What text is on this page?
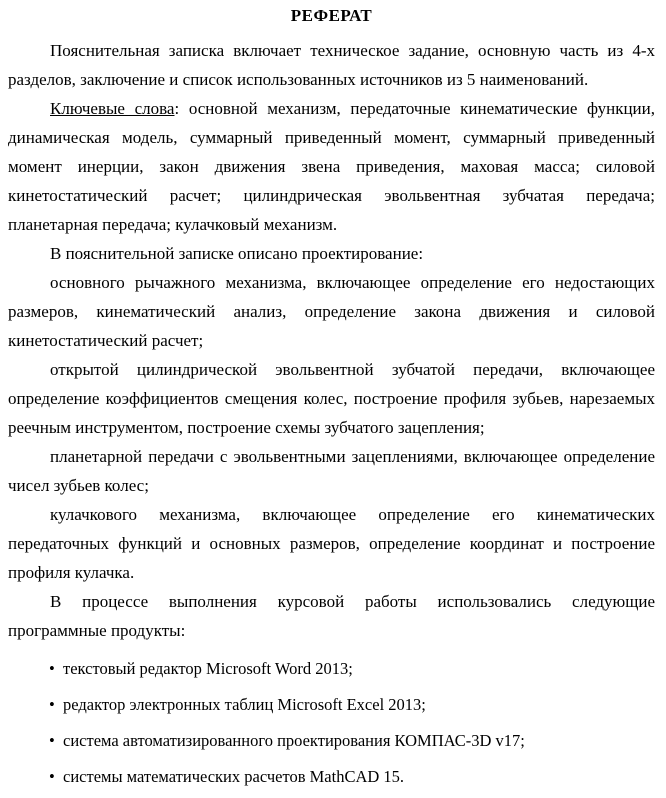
РЕФЕРАТ

Пояснительная записка включает техническое задание, основную часть из 4-х разделов, заключение и список использованных источников из 5 наименований.

Ключевые слова: основной механизм, передаточные кинематические функции, динамическая модель, суммарный приведенный момент, суммарный приведенный момент инерции, закон движения звена приведения, маховая масса; силовой кинетостатический расчет; цилиндрическая эвольвентная зубчатая передача; планетарная передача; кулачковый механизм.

В пояснительной записке описано проектирование:

основного рычажного механизма, включающее определение его недостающих размеров, кинематический анализ, определение закона движения и силовой кинетостатический расчет;

открытой цилиндрической эвольвентной зубчатой передачи, включающее определение коэффициентов смещения колес, построение профиля зубьев, нарезаемых реечным инструментом, построение схемы зубчатого зацепления;

планетарной передачи с эвольвентными зацеплениями, включающее определение чисел зубьев колес;

кулачкового механизма, включающее определение его кинематических передаточных функций и основных размеров, определение координат и построение профиля кулачка.

В процессе выполнения курсовой работы использовались следующие программные продукты:

• текстовый редактор Microsoft Word 2013;
• редактор электронных таблиц Microsoft Excel 2013;
• система автоматизированного проектирования КОМПАС-3D v17;
• системы математических расчетов MathCAD 15.
